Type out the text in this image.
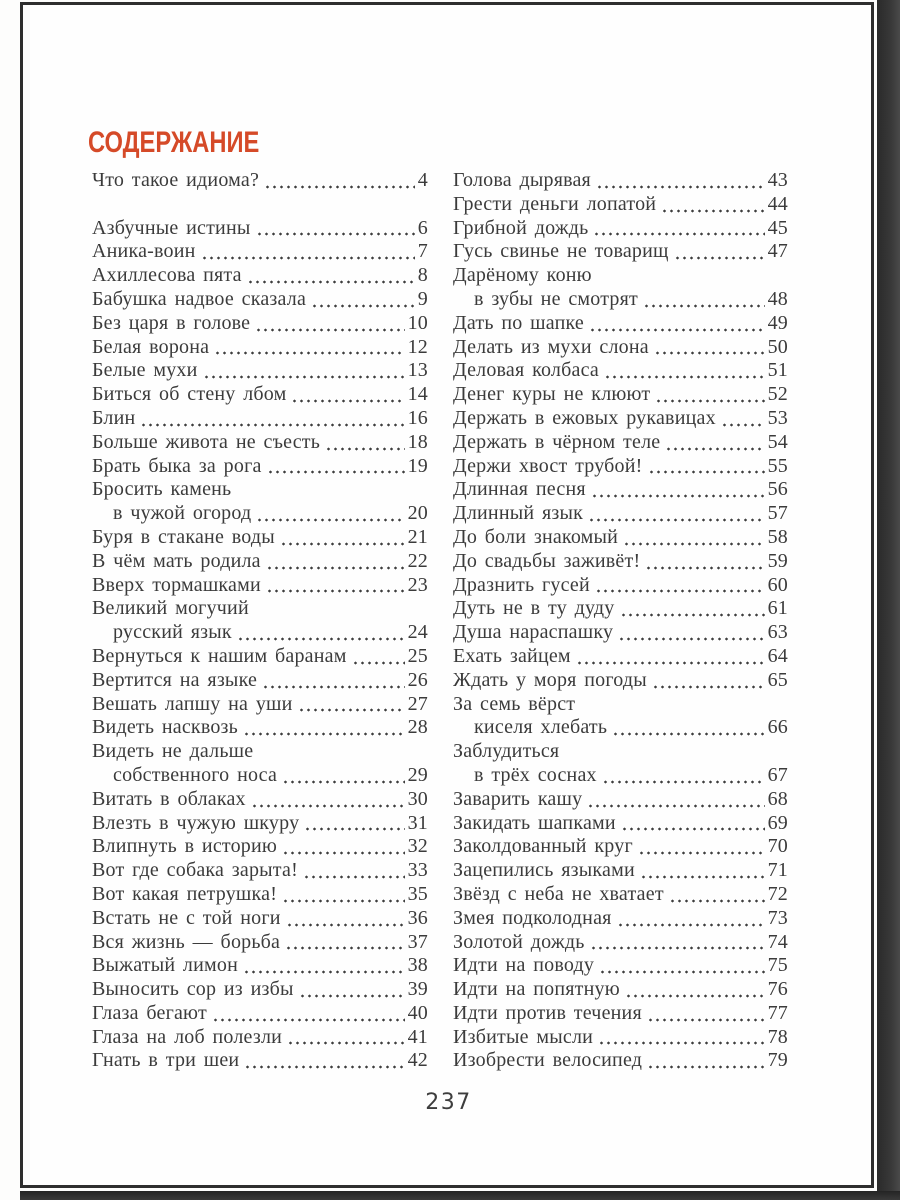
СОДЕРЖАНИЕ
Что такое идиома?	4
Азбучные истины	6
Аника-воин	7
Ахиллесова пята	8
Бабушка надвое сказала	9
Без царя в голове	10
Белая ворона	12
Белые мухи	13
Биться об стену лбом	14
Блин	16
Больше живота не съесть	18
Брать быка за рога	19
Бросить камень
в чужой огород	20
Буря в стакане воды	21
В чём мать родила	22
Вверх тормашками	23
Великий могучий
русский язык	24
Вернуться к нашим баранам	25
Вертится на языке	26
Вешать лапшу на уши	27
Видеть насквозь	28
Видеть не дальше
собственного носа	29
Витать в облаках	30
Влезть в чужую шкуру	31
Влипнуть в историю	32
Вот где собака зарыта!	33
Вот какая петрушка!	35
Встать не с той ноги	36
Вся жизнь — борьба	37
Выжатый лимон	38
Выносить сор из избы	39
Глаза бегают	40
Глаза на лоб полезли	41
Гнать в три шеи	42
Голова дырявая	43
Грести деньги лопатой	44
Грибной дождь	45
Гусь свинье не товарищ	47
Дарёному коню
в зубы не смотрят	48
Дать по шапке	49
Делать из мухи слона	50
Деловая колбаса	51
Денег куры не клюют	52
Держать в ежовых рукавицах	53
Держать в чёрном теле	54
Держи хвост трубой!	55
Длинная песня	56
Длинный язык	57
До боли знакомый	58
До свадьбы заживёт!	59
Дразнить гусей	60
Дуть не в ту дуду	61
Душа нараспашку	63
Ехать зайцем	64
Ждать у моря погоды	65
За семь вёрст
киселя хлебать	66
Заблудиться
в трёх соснах	67
Заварить кашу	68
Закидать шапками	69
Заколдованный круг	70
Зацепились языками	71
Звёзд с неба не хватает	72
Змея подколодная	73
Золотой дождь	74
Идти на поводу	75
Идти на попятную	76
Идти против течения	77
Избитые мысли	78
Изобрести велосипед	79
237
